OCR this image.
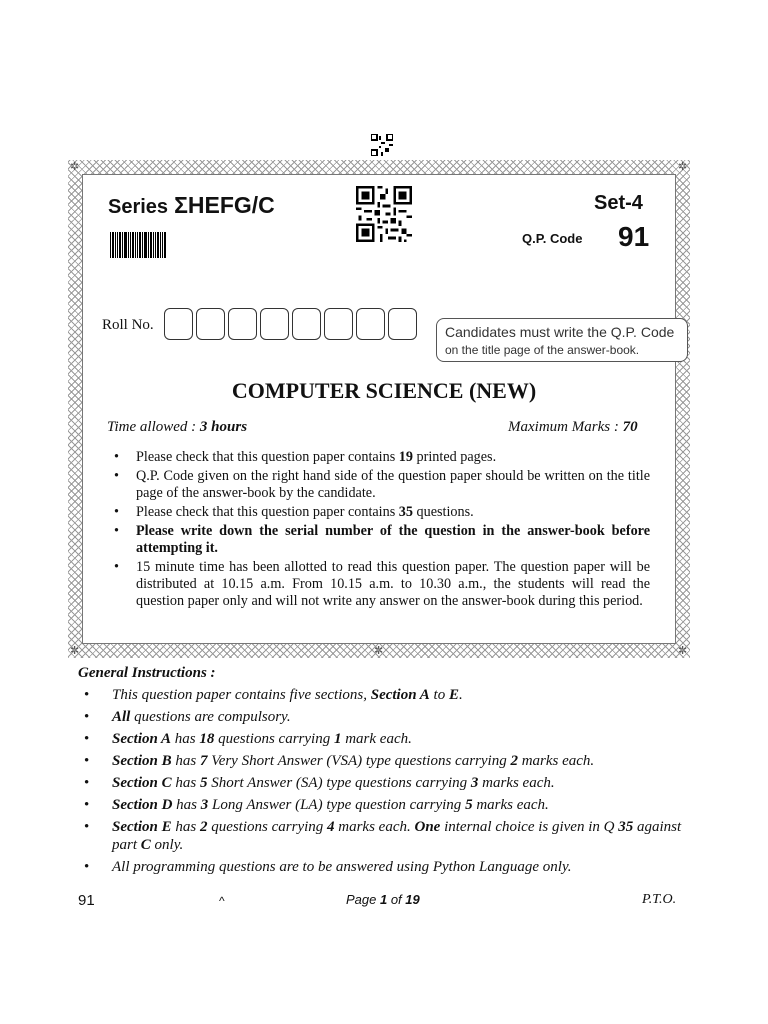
✲	✲
✲	✲
✲
Series ΣHEFG/C	Set-4
Q.P. Code 91
Roll No.	Candidates must write the Q.P. Code
on the title page of the answer-book.
COMPUTER SCIENCE (NEW)
Time allowed : 3 hours	Maximum Marks : 70
• Please check that this question paper contains 19 printed pages.
• Q.P. Code given on the right hand side of the question paper should be written on the title page of the answer-book by the candidate.
• Please check that this question paper contains 35 questions.
• Please write down the serial number of the question in the answer-book before attempting it.
• 15 minute time has been allotted to read this question paper. The question paper will be distributed at 10.15 a.m. From 10.15 a.m. to 10.30 a.m., the students will read the question paper only and will not write any answer on the answer-book during this period.
General Instructions :
• This question paper contains five sections, Section A to E.
• All questions are compulsory.
• Section A has 18 questions carrying 1 mark each.
• Section B has 7 Very Short Answer (VSA) type questions carrying 2 marks each.
• Section C has 5 Short Answer (SA) type questions carrying 3 marks each.
• Section D has 3 Long Answer (LA) type question carrying 5 marks each.
• Section E has 2 questions carrying 4 marks each. One internal choice is given in Q 35 against part C only.
• All programming questions are to be answered using Python Language only.
91	^	Page 1 of 19	P.T.O.
